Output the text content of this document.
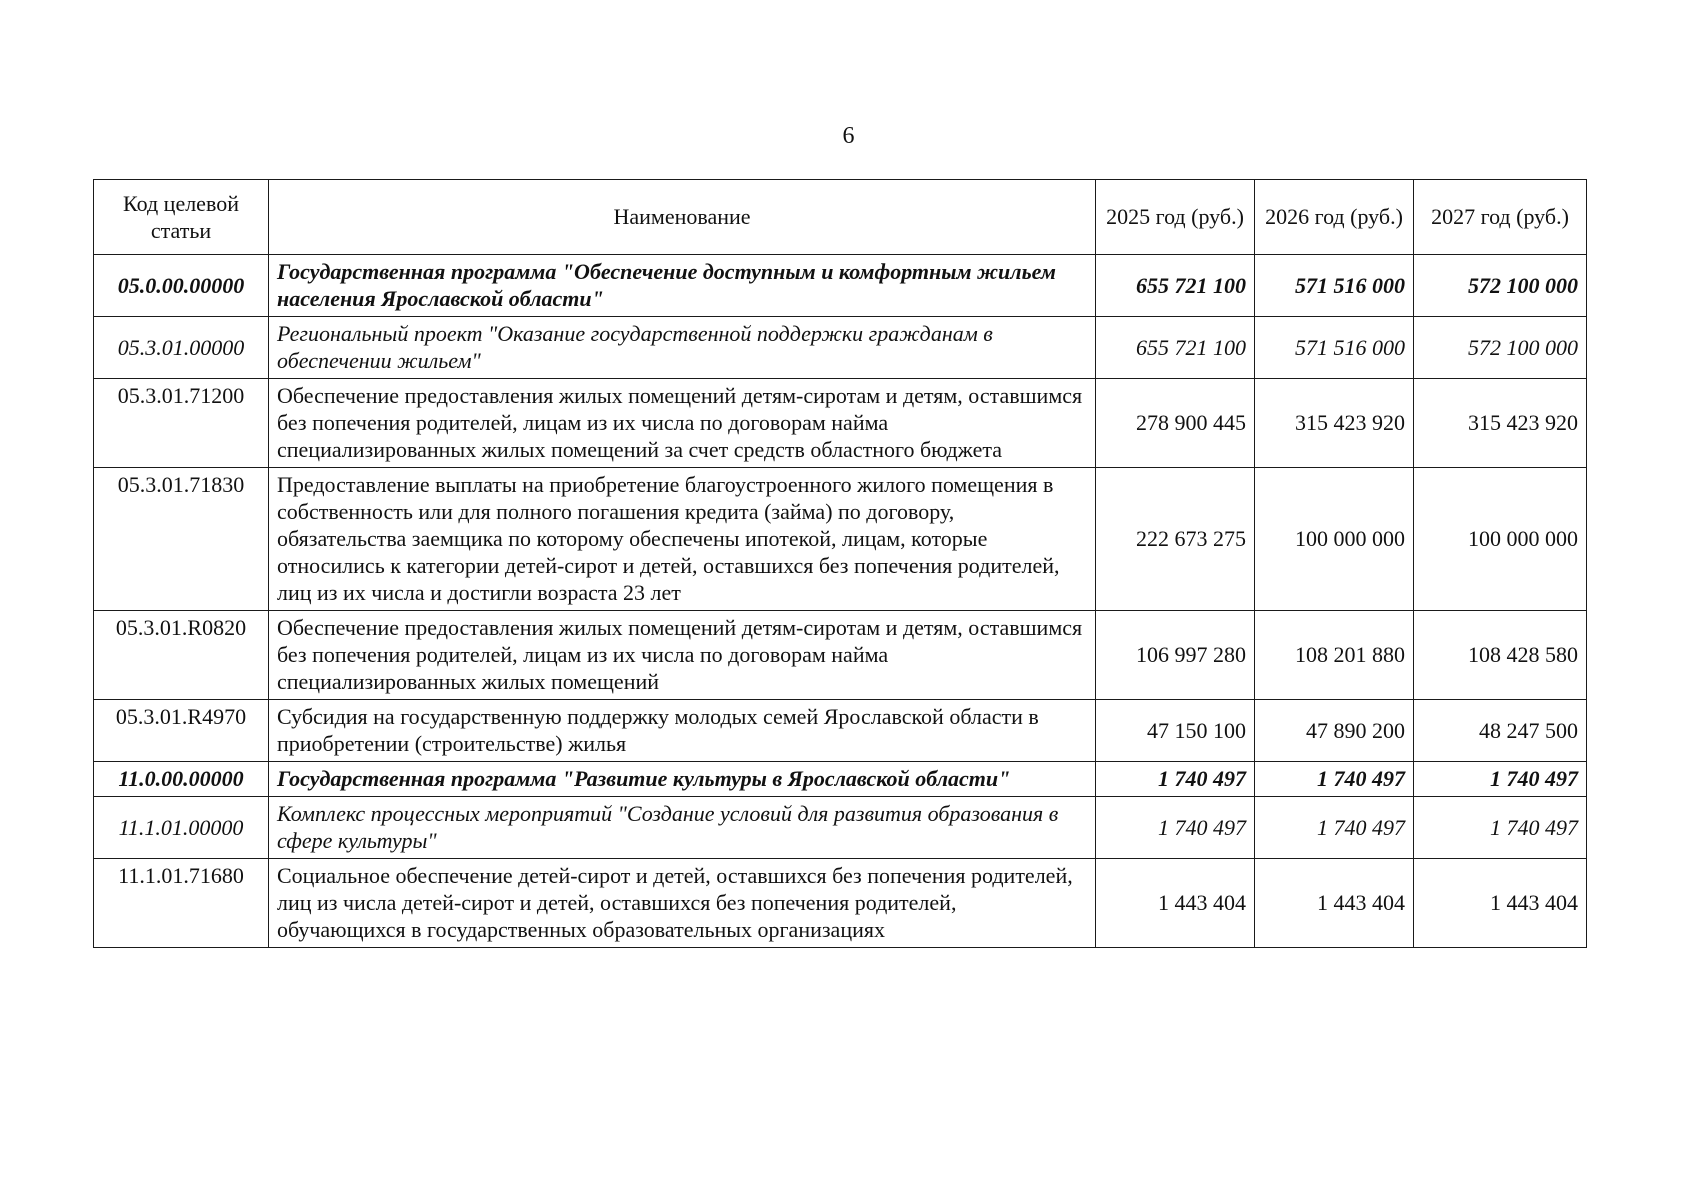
6
Код целевой статьи	Наименование	2025 год (руб.)	2026 год (руб.)	2027 год (руб.)
05.0.00.00000	Государственная программа "Обеспечение доступным и комфортным жильем населения Ярославской области"	655 721 100	571 516 000	572 100 000
05.3.01.00000	Региональный проект "Оказание государственной поддержки гражданам в обеспечении жильем"	655 721 100	571 516 000	572 100 000
05.3.01.71200	Обеспечение предоставления жилых помещений детям-сиротам и детям, оставшимся без попечения родителей, лицам из их числа по договорам найма специализированных жилых помещений за счет средств областного бюджета	278 900 445	315 423 920	315 423 920
05.3.01.71830	Предоставление выплаты на приобретение благоустроенного жилого помещения в собственность или для полного погашения кредита (займа) по договору, обязательства заемщика по которому обеспечены ипотекой, лицам, которые относились к категории детей-сирот и детей, оставшихся без попечения родителей, лиц из их числа и достигли возраста 23 лет	222 673 275	100 000 000	100 000 000
05.3.01.R0820	Обеспечение предоставления жилых помещений детям-сиротам и детям, оставшимся без попечения родителей, лицам из их числа по договорам найма специализированных жилых помещений	106 997 280	108 201 880	108 428 580
05.3.01.R4970	Субсидия на государственную поддержку молодых семей Ярославской области в приобретении (строительстве) жилья	47 150 100	47 890 200	48 247 500
11.0.00.00000	Государственная программа "Развитие культуры в Ярославской области"	1 740 497	1 740 497	1 740 497
11.1.01.00000	Комплекс процессных мероприятий "Создание условий для развития образования в сфере культуры"	1 740 497	1 740 497	1 740 497
11.1.01.71680	Социальное обеспечение детей-сирот и детей, оставшихся без попечения родителей, лиц из числа детей-сирот и детей, оставшихся без попечения родителей, обучающихся в государственных образовательных организациях	1 443 404	1 443 404	1 443 404
